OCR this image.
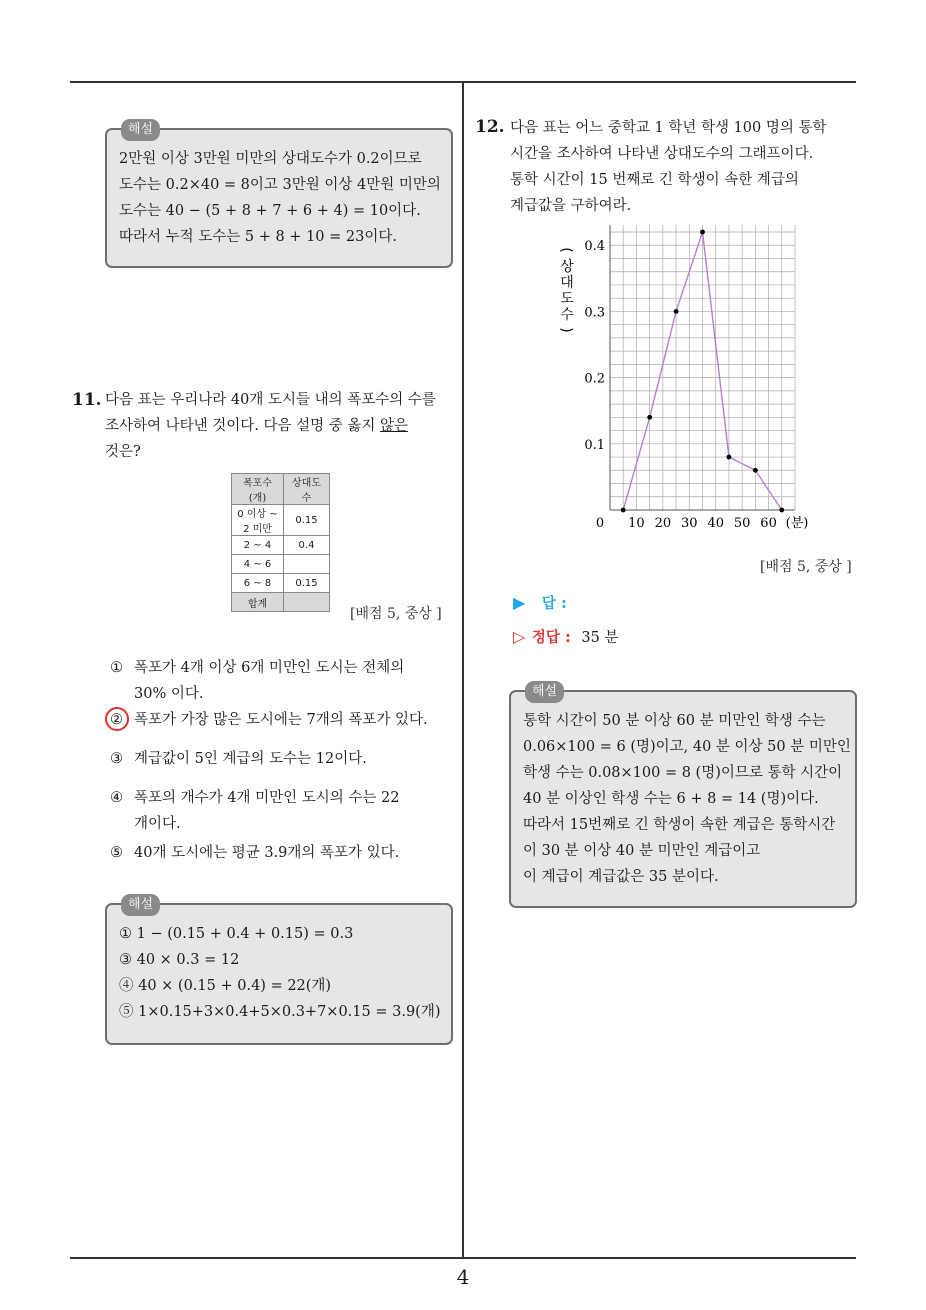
4
해설
2만원 이상 3만원 미만의 상대도수가 0.2이므로
도수는 0.2×40 = 8이고 3만원 이상 4만원 미만의
도수는 40 − (5 + 8 + 7 + 6 + 4) = 10이다.
따라서 누적 도수는 5 + 8 + 10 = 23이다.
11. 다음 표는 우리나라 40개 도시들 내의 폭포수의 수를
조사하여 나타낸 것이다. 다음 설명 중 옳지 않은
것은?
폭포수(개)	상대도수
0 이상 ~ 2 미만	0.15
2 ~ 4	0.4
4 ~ 6	
6 ~ 8	0.15
합계	
[배점 5, 중상 ]
① 폭포가 4개 이상 6개 미만인 도시는 전체의
30% 이다.
② 폭포가 가장 많은 도시에는 7개의 폭포가 있다.
③ 계급값이 5인 계급의 도수는 12이다.
④ 폭포의 개수가 4개 미만인 도시의 수는 22
개이다.
⑤ 40개 도시에는 평균 3.9개의 폭포가 있다.
해설
① 1 − (0.15 + 0.4 + 0.15) = 0.3
③ 40 × 0.3 = 12
④ 40 × (0.15 + 0.4) = 22(개)
⑤ 1×0.15+3×0.4+5×0.3+7×0.15 = 3.9(개)
12. 다음 표는 어느 중학교 1 학년 학생 100 명의 통학
시간을 조사하여 나타낸 상대도수의 그래프이다.
통학 시간이 15 번째로 긴 학생이 속한 계급의
계급값을 구하여라.
(
상
대
도
수
)
0 10 20 30 40 50 60 (분)
0.1
0.2
0.3
0.4
[배점 5, 중상 ]
▶ 답 :
▷ 정답 : 35 분
해설
통학 시간이 50 분 이상 60 분 미만인 학생 수는
0.06×100 = 6 (명)이고, 40 분 이상 50 분 미만인
학생 수는 0.08×100 = 8 (명)이므로 통학 시간이
40 분 이상인 학생 수는 6 + 8 = 14 (명)이다.
따라서 15번째로 긴 학생이 속한 계급은 통학시간
이 30 분 이상 40 분 미만인 계급이고
이 계급이 계급값은 35 분이다.
